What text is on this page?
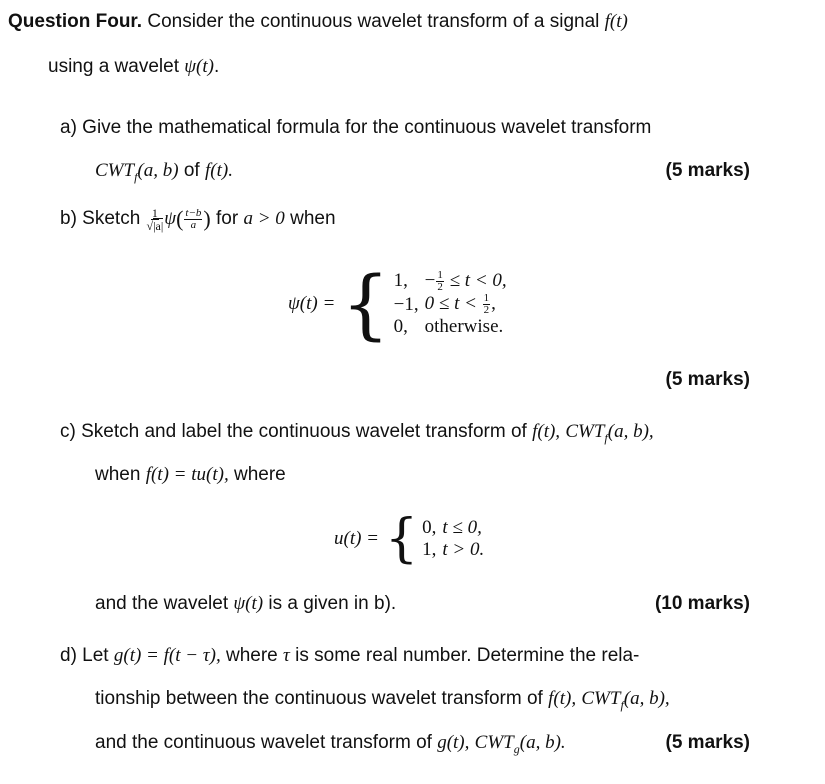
Question Four. Consider the continuous wavelet transform of a signal f(t)
using a wavelet ψ(t).
a) Give the mathematical formula for the continuous wavelet transform
$CWT_f(a$, b) of f(t).	(5 marks)
b) Sketch
$\frac{1}{√|a|}$ ψ ( $\frac{t-b}{a}$ )
for
a > 0
when
ψ(t) = { 1,	− $\frac{1}{2} \le t < 0$,
−1,	$0 \le t < \frac{1}{2}$ ,
0,	otherwise.
(5 marks)
c) Sketch and label the continuous wavelet transform of f(t), $CWT_f(a$, b),
when f(t) = tu(t), where
u(t) = { 0,	t ≤ 0,
1,	t > 0.
and the wavelet ψ(t) is a given in b).	(10 marks)
d) Let g(t) = f(t − τ), where τ is some real number. Determine the rela-
tionship between the continuous wavelet transform of f(t), $CWT_f(a$, b),
and the continuous wavelet transform of g(t), $CWT_g(a$, b).	(5 marks)
